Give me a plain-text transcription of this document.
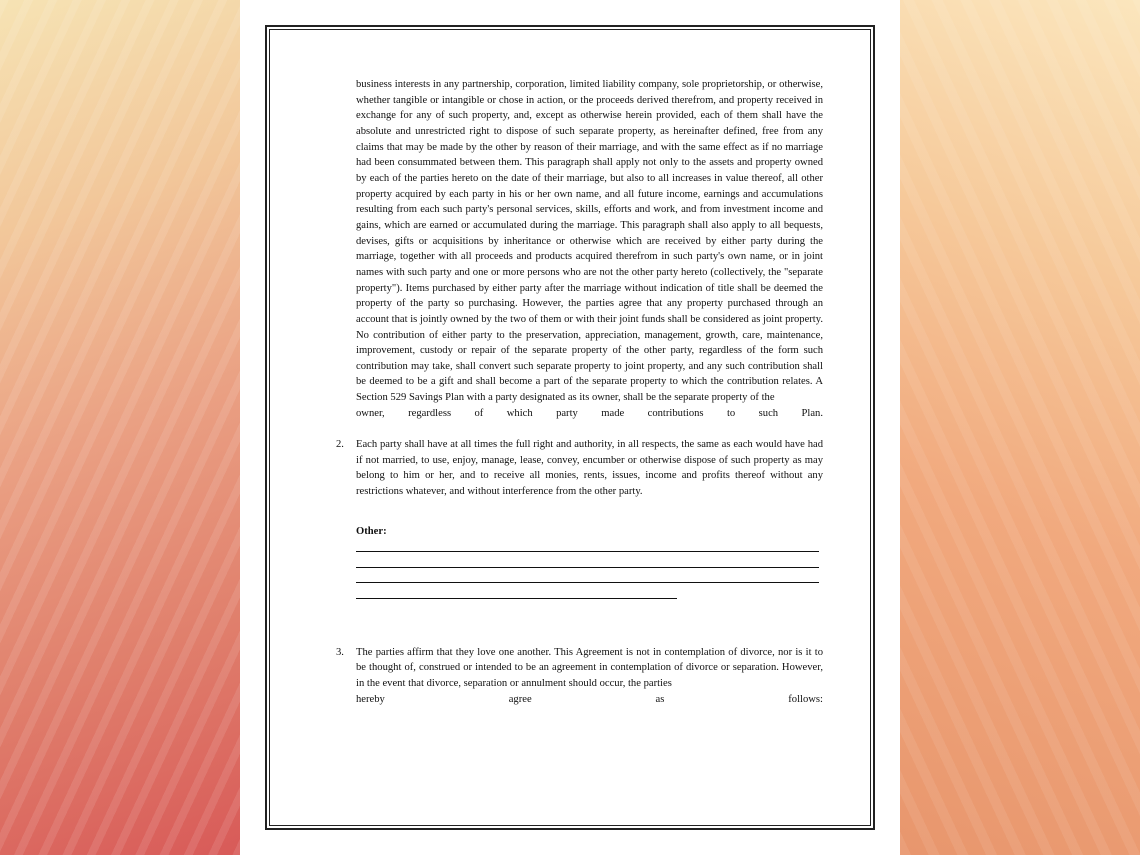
business interests in any partnership, corporation, limited liability company, sole proprietorship, or otherwise, whether tangible or intangible or chose in action, or the proceeds derived therefrom, and property received in exchange for any of such property, and, except as otherwise herein provided, each of them shall have the absolute and unrestricted right to dispose of such separate property, as hereinafter defined, free from any claims that may be made by the other by reason of their marriage, and with the same effect as if no marriage had been consummated between them. This paragraph shall apply not only to the assets and property owned by each of the parties hereto on the date of their marriage, but also to all increases in value thereof, all other property acquired by each party in his or her own name, and all future income, earnings and accumulations resulting from each such party's personal services, skills, efforts and work, and from investment income and gains, which are earned or accumulated during the marriage. This paragraph shall also apply to all bequests, devises, gifts or acquisitions by inheritance or otherwise which are received by either party during the marriage, together with all proceeds and products acquired therefrom in such party's own name, or in joint names with such party and one or more persons who are not the other party hereto (collectively, the "separate property"). Items purchased by either party after the marriage without indication of title shall be deemed the property of the party so purchasing. However, the parties agree that any property purchased through an account that is jointly owned by the two of them or with their joint funds shall be considered as joint property. No contribution of either party to the preservation, appreciation, management, growth, care, maintenance, improvement, custody or repair of the separate property of the other party, regardless of the form such contribution may take, shall convert such separate property to joint property, and any such contribution shall be deemed to be a gift and shall become a part of the separate property to which the contribution relates. A Section 529 Savings Plan with a party designated as its owner, shall be the separate property of the

owner, regardless of which party made contributions to such Plan.
2. Each party shall have at all times the full right and authority, in all respects, the same as each would have had if not married, to use, enjoy, manage, lease, convey, encumber or otherwise dispose of such property as may belong to him or her, and to receive all monies, rents, issues, income and profits thereof without any restrictions whatever, and without interference from the other party.
Other:
3. The parties affirm that they love one another. This Agreement is not in contemplation of divorce, nor is it to be thought of, construed or intended to be an agreement in contemplation of divorce or separation. However, in the event that divorce, separation or annulment should occur, the parties
hereby	agree	as	follows:
